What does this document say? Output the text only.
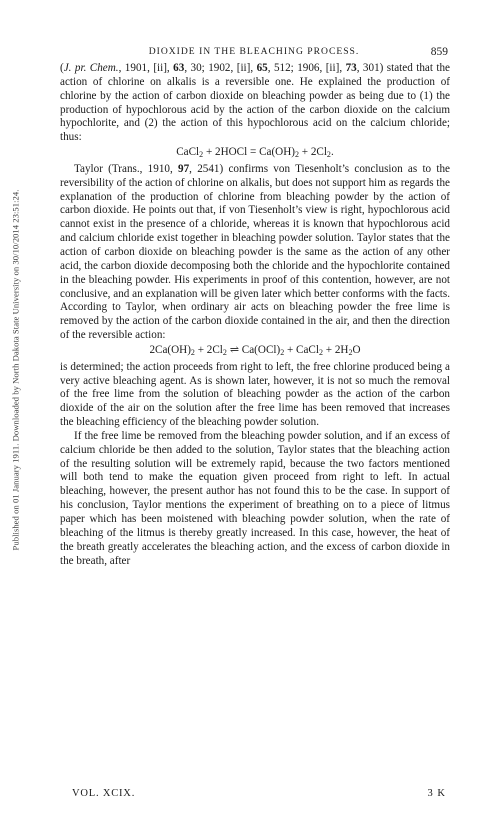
Published on 01 January 1911. Downloaded by North Dakota State University on 30/10/2014 23:51:24.
DIOXIDE IN THE BLEACHING PROCESS.	859

(J. pr. Chem., 1901, [ii], 63, 30; 1902, [ii], 65, 512; 1906, [ii], 73, 301) stated that the action of chlorine on alkalis is a reversible one. He explained the production of chlorine by the action of carbon dioxide on bleaching powder as being due to (1) the production of hypochlorous acid by the action of the carbon dioxide on the calcium hypochlorite, and (2) the action of this hypochlorous acid on the calcium chloride; thus:

CaCl$_2$ + 2HOCl = $Ca(OH)_2 + 2Cl_2$.

Taylor (Trans., 1910, 97, 2541) confirms von Tiesenholt’s conclusion as to the reversibility of the action of chlorine on alkalis, but does not support him as regards the explanation of the production of chlorine from bleaching powder by the action of carbon dioxide. He points out that, if von Tiesenholt’s view is right, hypochlorous acid cannot exist in the presence of a chloride, whereas it is known that hypochlorous acid and calcium chloride exist together in bleaching powder solution. Taylor states that the action of carbon dioxide on bleaching powder is the same as the action of any other acid, the carbon dioxide decomposing both the chloride and the hypochlorite contained in the bleaching powder. His experiments in proof of this contention, however, are not conclusive, and an explanation will be given later which better conforms with the facts. According to Taylor, when ordinary air acts on bleaching powder the free lime is removed by the action of the carbon dioxide contained in the air, and then the direction of the reversible action:

$2Ca(OH)_2 + 2Cl_2$ ⇌ $Ca(OCl)_2$ + CaCl$_2$ + $2H_2O$

is determined; the action proceeds from right to left, the free chlorine produced being a very active bleaching agent. As is shown later, however, it is not so much the removal of the free lime from the solution of bleaching powder as the action of the carbon dioxide of the air on the solution after the free lime has been removed that increases the bleaching efficiency of the bleaching powder solution.

If the free lime be removed from the bleaching powder solution, and if an excess of calcium chloride be then added to the solution, Taylor states that the bleaching action of the resulting solution will be extremely rapid, because the two factors mentioned will both tend to make the equation given proceed from right to left. In actual bleaching, however, the present author has not found this to be the case. In support of his conclusion, Taylor mentions the experiment of breathing on to a piece of litmus paper which has been moistened with bleaching powder solution, when the rate of bleaching of the litmus is thereby greatly increased. In this case, however, the heat of the breath greatly accelerates the bleaching action, and the excess of carbon dioxide in the breath, after

VOL. XCIX.	3 K
